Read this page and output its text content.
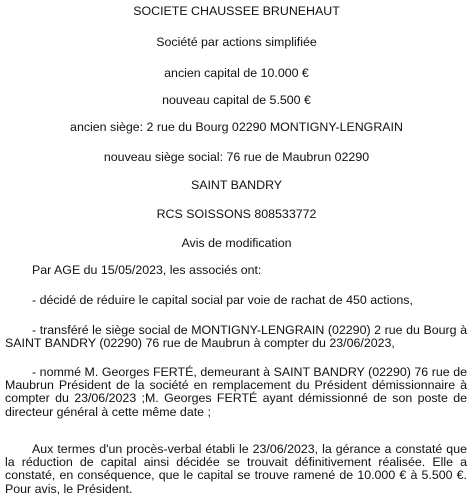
SOCIETE CHAUSSEE BRUNEHAUT
Société par actions simplifiée
ancien capital de 10.000 €
nouveau capital de 5.500 €
ancien siège: 2 rue du Bourg 02290 MONTIGNY-LENGRAIN
nouveau siège social: 76 rue de Maubrun 02290
SAINT BANDRY
RCS SOISSONS 808533772
Avis de modification
Par AGE du 15/05/2023, les associés ont:
- décidé de réduire le capital social par voie de rachat de 450 actions,
- transféré le siège social de MONTIGNY-LENGRAIN (02290) 2 rue du Bourg à SAINT BANDRY (02290) 76 rue de Maubrun à compter du 23/06/2023,
- nommé M. Georges FERTÉ, demeurant à SAINT BANDRY (02290) 76 rue de Maubrun Président de la société en remplacement du Président démissionnaire à compter du 23/06/2023 ;M. Georges FERTÉ ayant démissionné de son poste de directeur général à cette même date ;
Aux termes d'un procès-verbal établi le 23/06/2023, la gérance a constaté que la réduction de capital ainsi décidée se trouvait définitivement réalisée. Elle a constaté, en conséquence, que le capital se trouve ramené de 10.000 € à 5.500 €. Pour avis, le Président.
